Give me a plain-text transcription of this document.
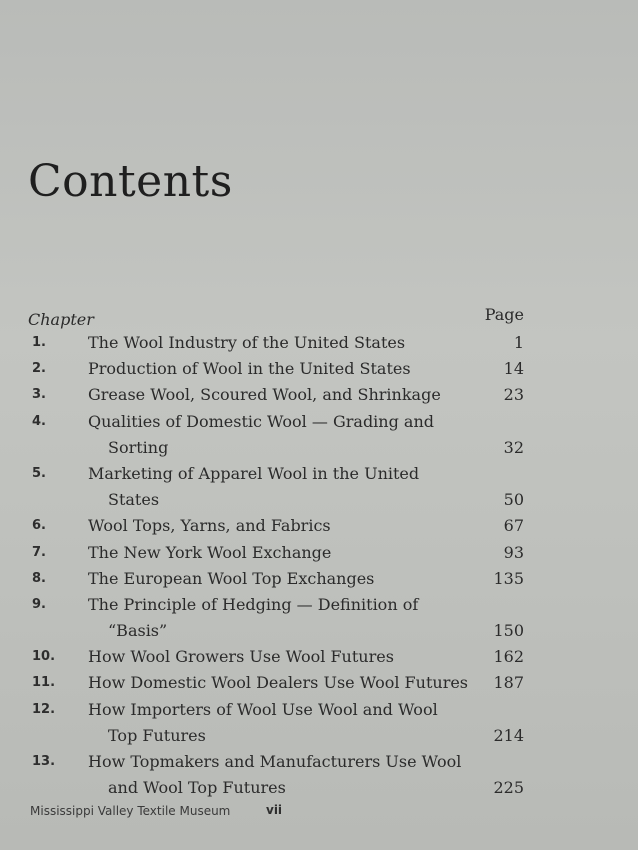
Contents
Chapter	Page
1.	The Wool Industry of the United States	1
2.	Production of Wool in the United States	14
3.	Grease Wool, Scoured Wool, and Shrinkage	23
4.	Qualities of Domestic Wool — Grading and
Sorting	32
5.	Marketing of Apparel Wool in the United
States	50
6.	Wool Tops, Yarns, and Fabrics	67
7.	The New York Wool Exchange	93
8.	The European Wool Top Exchanges	135
9.	The Principle of Hedging — Definition of
“Basis”	150
10. How Wool Growers Use Wool Futures	162
11. How Domestic Wool Dealers Use Wool Futures 187
12. How Importers of Wool Use Wool and Wool
Top Futures	214
13. How Topmakers and Manufacturers Use Wool
and Wool Top Futures	225
Mississippi Valley Textile Museum	vii
